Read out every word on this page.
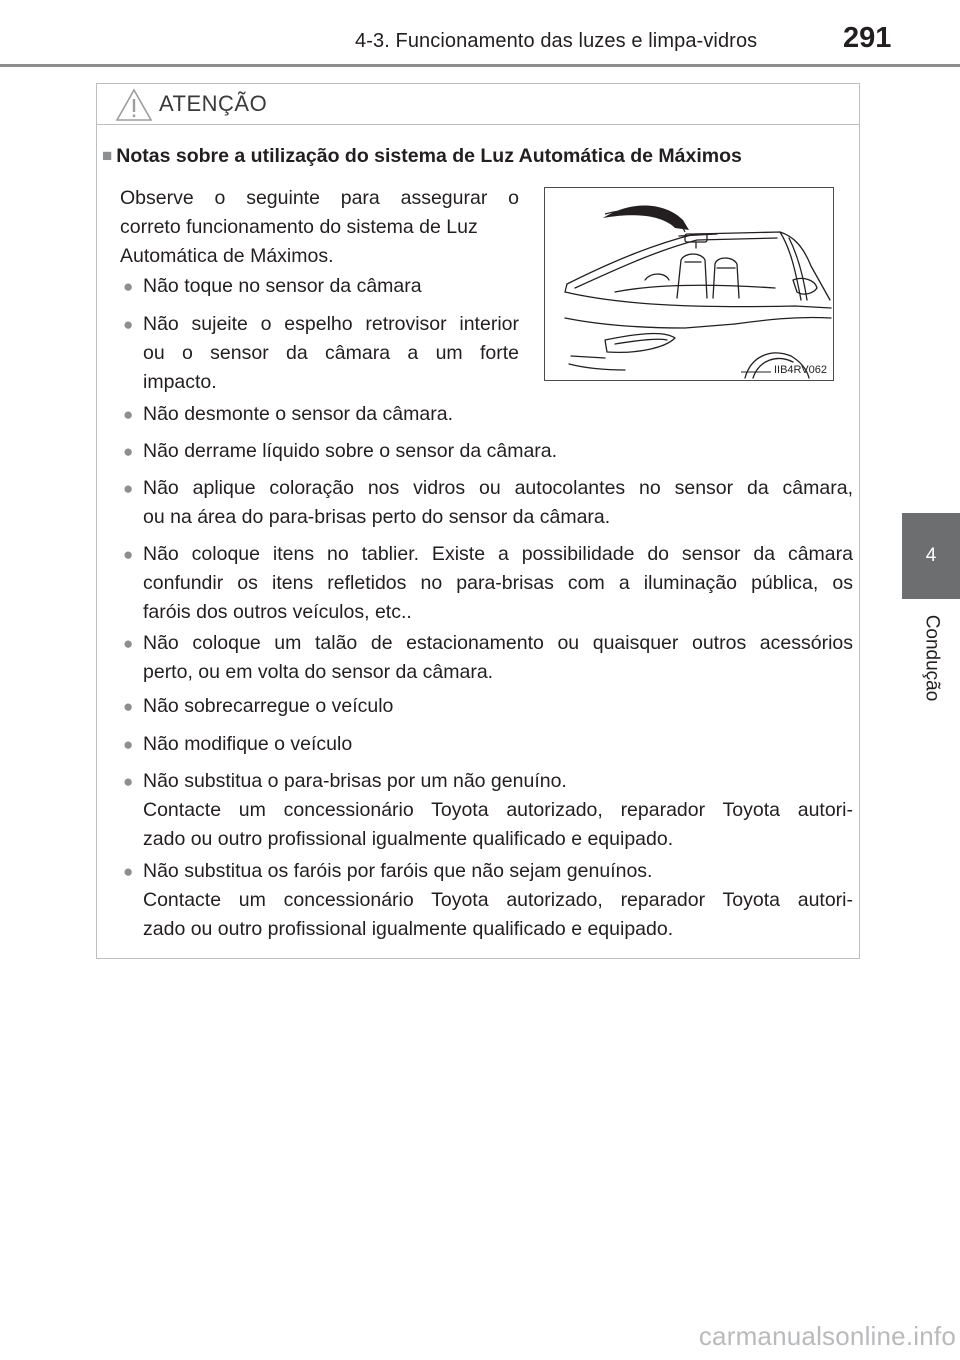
4-3. Funcionamento das luzes e limpa-vidros	291
4
Condução
ATENÇÃO
■ Notas sobre a utilização do sistema de Luz Automática de Máximos
Observe o seguinte para assegurar o
correto funcionamento do sistema de Luz
Automática de Máximos.
IIB4RV062
● Não toque no sensor da câmara
● Não sujeite o espelho retrovisor interior
ou o sensor da câmara a um forte
impacto.
● Não desmonte o sensor da câmara.
● Não derrame líquido sobre o sensor da câmara.
● Não aplique coloração nos vidros ou autocolantes no sensor da câmara,
ou na área do para-brisas perto do sensor da câmara.
● Não coloque itens no tablier. Existe a possibilidade do sensor da câmara
confundir os itens refletidos no para-brisas com a iluminação pública, os
faróis dos outros veículos, etc..
● Não coloque um talão de estacionamento ou quaisquer outros acessórios
perto, ou em volta do sensor da câmara.
● Não sobrecarregue o veículo
● Não modifique o veículo
● Não substitua o para-brisas por um não genuíno.
Contacte um concessionário Toyota autorizado, reparador Toyota autori-
zado ou outro profissional igualmente qualificado e equipado.
● Não substitua os faróis por faróis que não sejam genuínos.
Contacte um concessionário Toyota autorizado, reparador Toyota autori-
zado ou outro profissional igualmente qualificado e equipado.
carmanualsonline.info
